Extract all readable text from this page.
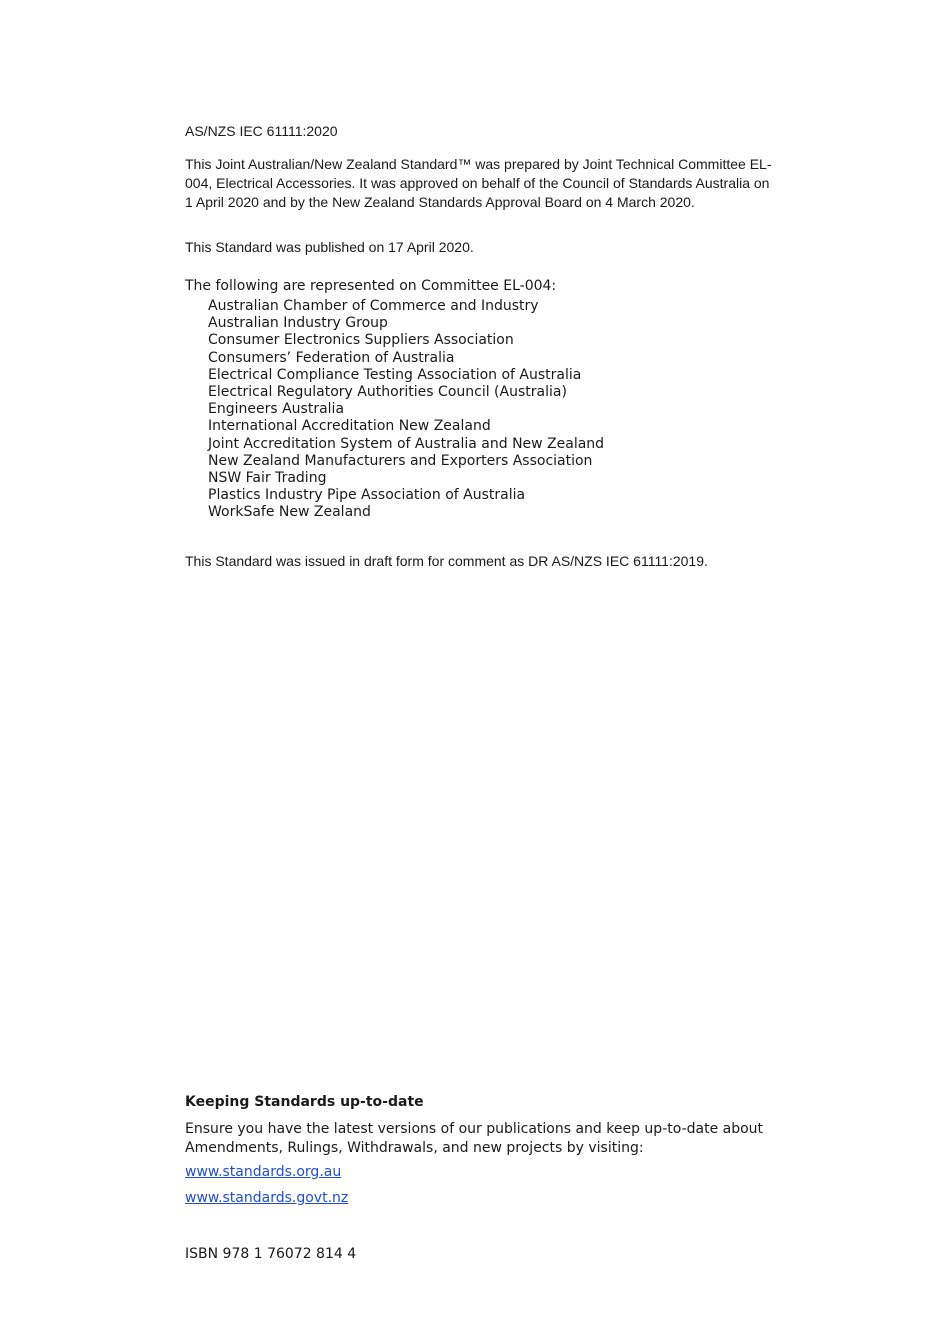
AS/NZS IEC 61111:2020

This Joint Australian/New Zealand Standard™ was prepared by Joint Technical Committee EL-004, Electrical Accessories. It was approved on behalf of the Council of Standards Australia on 1 April 2020 and by the New Zealand Standards Approval Board on 4 March 2020.

This Standard was published on 17 April 2020.

The following are represented on Committee EL-004:

Australian Chamber of Commerce and Industry
Australian Industry Group
Consumer Electronics Suppliers Association
Consumers’ Federation of Australia
Electrical Compliance Testing Association of Australia
Electrical Regulatory Authorities Council (Australia)
Engineers Australia
International Accreditation New Zealand
Joint Accreditation System of Australia and New Zealand
New Zealand Manufacturers and Exporters Association
NSW Fair Trading
Plastics Industry Pipe Association of Australia
WorkSafe New Zealand

This Standard was issued in draft form for comment as DR AS/NZS IEC 61111:2019.

Keeping Standards up-to-date

Ensure you have the latest versions of our publications and keep up-to-date about Amendments, Rulings, Withdrawals, and new projects by visiting:

www.standards.org.au
www.standards.govt.nz

ISBN 978 1 76072 814 4
